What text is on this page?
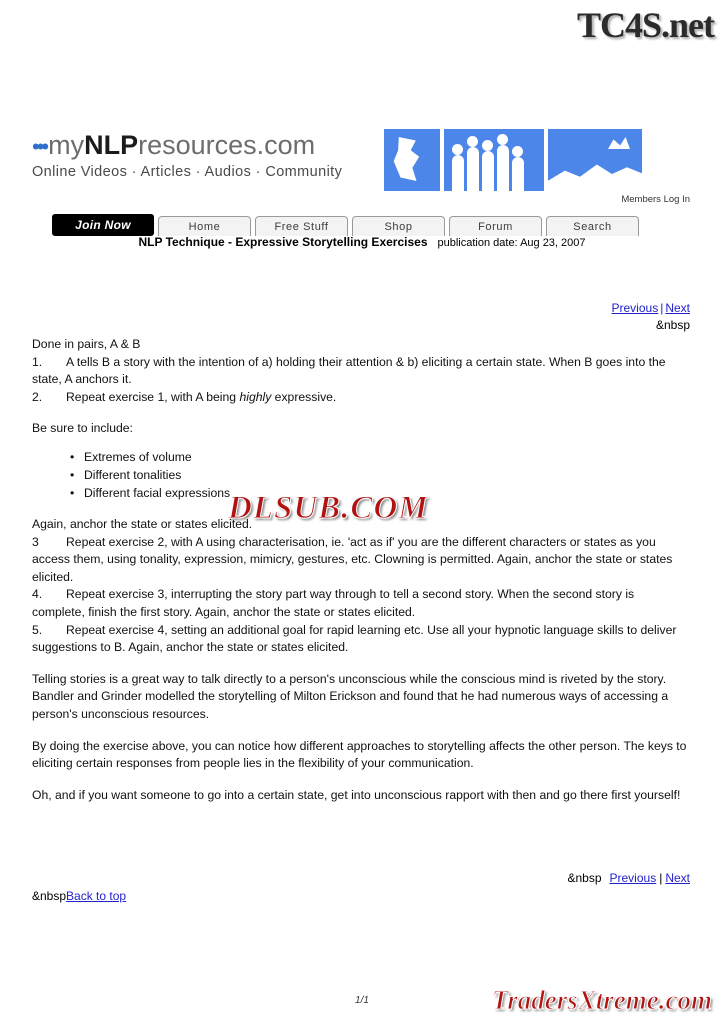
TC4S.net
•••myNLPresources.com
Online Videos · Articles · Audios · Community
Members Log In
Join Now	Home	Free Stuff	Shop	Forum	Search
NLP Technique - Expressive Storytelling Exercises publication date: Aug 23, 2007
Previous | Next
&nbsp

Done in pairs, A & B

1. A tells B a story with the intention of a) holding their attention & b) eliciting a certain state. When B goes into the state, A anchors it.

2. Repeat exercise 1, with A being highly expressive.

Be sure to include:

• Extremes of volume
• Different tonalities
• Different facial expressions

Again, anchor the state or states elicited.

3 Repeat exercise 2, with A using characterisation, ie. 'act as if' you are the different characters or states as you access them, using tonality, expression, mimicry, gestures, etc. Clowning is permitted. Again, anchor the state or states elicited.

4. Repeat exercise 3, interrupting the story part way through to tell a second story. When the second story is complete, finish the first story. Again, anchor the state or states elicited.

5. Repeat exercise 4, setting an additional goal for rapid learning etc. Use all your hypnotic language skills to deliver suggestions to B. Again, anchor the state or states elicited.

Telling stories is a great way to talk directly to a person's unconscious while the conscious mind is riveted by the story. Bandler and Grinder modelled the storytelling of Milton Erickson and found that he had numerous ways of accessing a person's unconscious resources.

By doing the exercise above, you can notice how different approaches to storytelling affects the other person. The keys to eliciting certain responses from people lies in the flexibility of your communication.

Oh, and if you want someone to go into a certain state, get into unconscious rapport with then and go there first yourself!

DLSUB.COM
&nbsp Previous | Next
&nbspBack to top
1/1	TradersXtreme.com
